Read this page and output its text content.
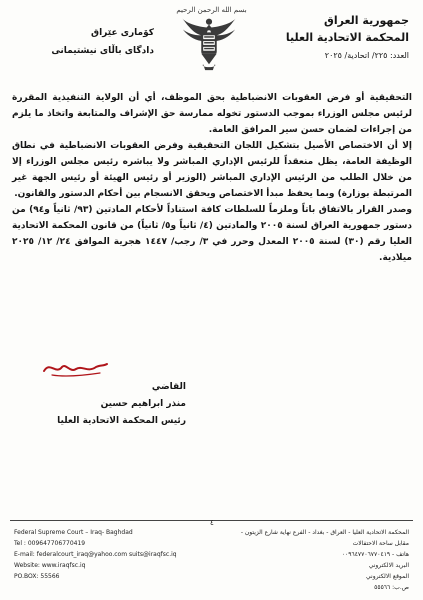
بسم الله الرحمن الرحيم
جمهورية العراق
المحكمة الاتحادية العليا
العدد: ٢٢٥/ اتحادية/ ٢٠٢٥
کۆماری عێراق
دادگای باڵای نیشتیمانی

التحقيقية أو فرض العقوبات الانضباطية بحق الموظف، أي أن الولاية التنفيذية المقررة لرئيس مجلس الوزراء بموجب الدستور تخوله ممارسة حق الإشراف والمتابعة واتخاذ ما يلزم من إجراءات لضمان حسن سير المرافق العامة.

إلا أن الاختصاص الأصيل بتشكيل اللجان التحقيقية وفرض العقوبات الانضباطية في نطاق الوظيفة العامة، يظل منعقداً للرئيس الإداري المباشر ولا يباشره رئيس مجلس الوزراء إلا من خلال الطلب من الرئيس الإداري المباشر (الوزير أو رئيس الهيئة أو رئيس الجهة غير المرتبطة بوزارة) وبما يحفظ مبدأ الاختصاص ويحقق الانسجام بين أحكام الدستور والقانون.

وصدر القرار بالاتفاق باتاً وملزماً للسلطات كافة استناداً لأحكام المادتين (٩٣/ ثانياً و٩٤) من دستور جمهورية العراق لسنة ٢٠٠٥ والمادتين (٤/ ثانياً و٥/ ثانياً) من قانون المحكمة الاتحادية العليا رقم (٣٠) لسنة ٢٠٠٥ المعدل وحرر في ٣/ رجب/ ١٤٤٧ هجرية الموافق ٢٤/ ١٢/ ٢٠٢٥ ميلادية.

القاضي
منذر ابراهيم حسين
رئيس المحكمة الاتحادية العليا
٤
Federal Supreme Court – Iraq- Baghdad
Tel : 009647706770419
E-mail: federalcourt_iraq@yahoo.com suits@iraqfsc.iq
Website: www.iraqfsc.iq
PO.BOX: 55566
المحكمة الاتحادية العليا - العراق - بغداد - الفرع نهاية شارع الزيتون - مقابل ساحة الاحتفالات
هاتف - ٠٠٩٦٤٧٧٠٦٧٧٠٤١٩
البريد الالكتروني
الموقع الالكتروني
ص.ب: ٥٥٥٦٦
